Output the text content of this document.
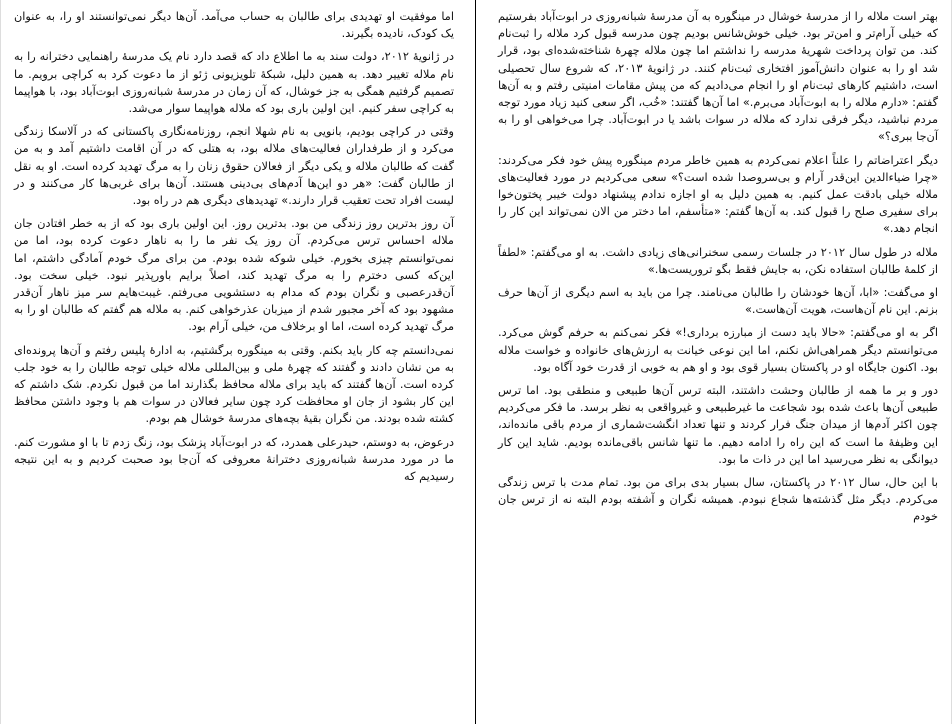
اما موفقیت او تهدیدی برای طالبان به حساب می‌آمد. آن‌ها دیگر نمی‌توانستند او را، به عنوان یک کودک، نادیده بگیرند.

در ژانویهٔ ۲۰۱۲، دولت سند به ما اطلاع داد که قصد دارد نام یک مدرسهٔ راهنمایی دخترانه را به نام ملاله تغییر دهد. به همین دلیل، شبکهٔ تلویزیونی ژئو از ما دعوت کرد به کراچی برویم. ما تصمیم گرفتیم همگی به جز خوشال، که آن زمان در مدرسهٔ شبانه‌روزی ابوت‌آباد بود، با هواپیما به کراچی سفر کنیم. این اولین باری بود که ملاله هواپیما سوار می‌شد.

وقتی در کراچی بودیم، بانویی به نام شهلا انجم، روزنامه‌نگاری پاکستانی که در آلاسکا زندگی می‌کرد و از طرفداران فعالیت‌های ملاله بود، به هتلی که در آن اقامت داشتیم آمد و به من گفت که طالبان ملاله و یکی دیگر از فعالان حقوق زنان را به مرگ تهدید کرده است. او به نقل از طالبان گفت: «هر دو این‌ها آدم‌های بی‌دینی هستند. آن‌ها برای غربی‌ها کار می‌کنند و در لیست افراد تحت تعقیب قرار دارند.» تهدیدهای دیگری هم در راه بود.

آن روز بدترین روز زندگی من بود. بدترین روز. این اولین باری بود که از به خطر افتادن جان ملاله احساس ترس می‌کردم. آن روز یک نفر ما را به ناهار دعوت کرده بود، اما من نمی‌توانستم چیزی بخورم. خیلی شوکه شده بودم. من برای مرگ خودم آمادگی داشتم، اما این‌که کسی دخترم را به مرگ تهدید کند، اصلاً برایم باورپذیر نبود. خیلی سخت بود. آن‌قدرعصبی و نگران بودم که مدام به دستشویی می‌رفتم. غیبت‌هایم سر میز ناهار آن‌قدر مشهود بود که آخر مجبور شدم از میزبان عذرخواهی کنم. به ملاله هم گفتم که طالبان او را به مرگ تهدید کرده است، اما او برخلاف من، خیلی آرام بود.

نمی‌دانستم چه کار باید بکنم. وقتی به مینگوره برگشتیم، به ادارهٔ پلیس رفتم و آن‌ها پرونده‌ای به من نشان دادند و گفتند که چهرهٔ ملی و بین‌المللی ملاله خیلی توجه طالبان را به خود جلب کرده است. آن‌ها گفتند که باید برای ملاله محافظ بگذارند اما من قبول نکردم. شک داشتم که این کار بشود از جان او محافظت کرد چون سایر فعالان در سوات هم با وجود داشتن محافظ کشته شده بودند. من نگران بقیهٔ بچه‌های مدرسهٔ خوشال هم بودم.

درعوض، به دوستم، حیدرعلی همدرد، که در ابوت‌آباد پزشک بود، زنگ زدم تا با او مشورت کنم. ما در مورد مدرسهٔ شبانه‌روزی دخترانهٔ معروفی که آن‌جا بود صحبت کردیم و به این نتیجه رسیدیم که

بهتر است ملاله را از مدرسهٔ خوشال در مینگوره به آن مدرسهٔ شبانه‌روزی در ابوت‌آباد بفرستیم که خیلی آرام‌تر و امن‌تر بود. خیلی خوش‌شانس بودیم چون مدرسه قبول کرد ملاله را ثبت‌نام کند. من توان پرداخت شهریهٔ مدرسه را نداشتم اما چون ملاله چهرهٔ شناخته‌شده‌ای بود، قرار شد او را به عنوان دانش‌آموز افتخاری ثبت‌نام کنند. در ژانویهٔ ۲۰۱۳، که شروع سال تحصیلی است، داشتیم کارهای ثبت‌نام او را انجام می‌دادیم که من پیش مقامات امنیتی رفتم و به آن‌ها گفتم: «دارم ملاله را به ابوت‌آباد می‌برم.» اما آن‌ها گفتند: «خُب، اگر سعی کنید زیاد مورد توجه مردم نباشید، دیگر فرقی ندارد که ملاله در سوات باشد یا در ابوت‌آباد. چرا می‌خواهی او را به آن‌جا ببری؟»

دیگر اعتراضاتم را علناً اعلام نمی‌کردم به همین خاطر مردم مینگوره پیش خود فکر می‌کردند: «چرا ضیاءالدین این‌قدر آرام و بی‌سروصدا شده است؟» سعی می‌کردیم در مورد فعالیت‌های ملاله خیلی بادقت عمل کنیم. به همین دلیل به او اجازه ندادم پیشنهاد دولت خیبر پختون‌خوا برای سفیری صلح را قبول کند. به آن‌ها گفتم: «متأسفم، اما دختر من الان نمی‌تواند این کار را انجام دهد.»

ملاله در طول سال ۲۰۱۲ در جلسات رسمی سخنرانی‌های زیادی داشت. به او می‌گفتم: «لطفاً از کلمهٔ طالبان استفاده نکن، به جایش فقط بگو تروریست‌ها.»

او می‌گفت: «ابا، آن‌ها خودشان را طالبان می‌نامند. چرا من باید به اسم دیگری از آن‌ها حرف بزنم. این نام آن‌هاست، هویت آن‌هاست.»

اگر به او می‌گفتم: «حالا باید دست از مبارزه برداری!» فکر نمی‌کنم به حرفم گوش می‌کرد. می‌توانستم دیگر همراهی‌اش نکنم، اما این نوعی خیانت به ارزش‌های خانواده و خواست ملاله بود. اکنون جایگاه او در پاکستان بسیار قوی بود و او هم به خوبی از قدرت خود آگاه بود.

دور و بر ما همه از طالبان وحشت داشتند، البته ترس آن‌ها طبیعی و منطقی بود. اما ترس طبیعی آن‌ها باعث شده بود شجاعت ما غیرطبیعی و غیرواقعی به نظر برسد. ما فکر می‌کردیم چون اکثر آدم‌ها از میدان جنگ فرار کردند و تنها تعداد انگشت‌شماری از مردم باقی مانده‌اند، این وظیفهٔ ما است که این راه را ادامه دهیم. ما تنها شانس باقی‌مانده بودیم. شاید این کار دیوانگی به نظر می‌رسید اما این در ذات ما بود.

با این حال، سال ۲۰۱۲ در پاکستان، سال بسیار بدی برای من بود. تمام مدت با ترس زندگی می‌کردم. دیگر مثل گذشته‌ها شجاع نبودم. همیشه نگران و آشفته بودم البته نه از ترس جان خودم
